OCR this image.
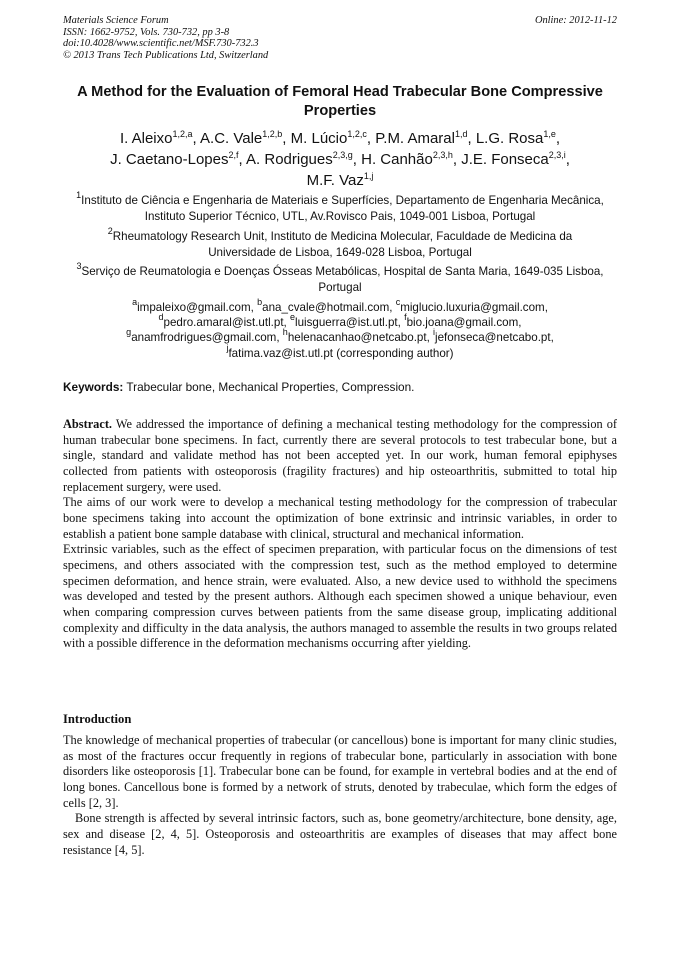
Materials Science Forum
ISSN: 1662-9752, Vols. 730-732, pp 3-8
doi:10.4028/www.scientific.net/MSF.730-732.3
© 2013 Trans Tech Publications Ltd, Switzerland
Online: 2012-11-12
A Method for the Evaluation of Femoral Head Trabecular Bone Compressive Properties
I. Aleixo$^{1,2,a}$, A.C. Vale$^{1,2,b}$, M. Lúcio$^{1,2,c}$, P.M. Amaral$^{1,d}$, L.G. Rosa$^{1,e}$,
J. Caetano-Lopes$^{2,f}$, A. Rodrigues$^{2,3,g}$, H. Canhão$^{2,3,h}$, J.E. Fonseca$^{2,3,i}$,
M.F. Vaz$^{1,j}$
$^1$Instituto de Ciência e Engenharia de Materiais e Superfícies, Departamento de Engenharia Mecânica, Instituto Superior Técnico, UTL, Av.Rovisco Pais, 1049-001 Lisboa, Portugal
$^2$Rheumatology Research Unit, Instituto de Medicina Molecular, Faculdade de Medicina da Universidade de Lisboa, 1649-028 Lisboa, Portugal
$^3$Serviço de Reumatologia e Doenças Ósseas Metabólicas, Hospital de Santa Maria, 1649-035 Lisboa, Portugal
$^a$impaleixo@gmail.com, $^b$ana_cvale@hotmail.com, $^c$miglucio.luxuria@gmail.com,
$^d$pedro.amaral@ist.utl.pt, $^e$luisguerra@ist.utl.pt, $^f$bio.joana@gmail.com,
$^g$anamfrodrigues@gmail.com, $^h$helenacanhao@netcabo.pt, $^i$jefonseca@netcabo.pt,
$^j$fatima.vaz@ist.utl.pt (corresponding author)
Keywords: Trabecular bone, Mechanical Properties, Compression.

Abstract. We addressed the importance of defining a mechanical testing methodology for the compression of human trabecular bone specimens. In fact, currently there are several protocols to test trabecular bone, but a single, standard and validate method has not been accepted yet. In our work, human femoral epiphyses collected from patients with osteoporosis (fragility fractures) and hip osteoarthritis, submitted to total hip replacement surgery, were used.

The aims of our work were to develop a mechanical testing methodology for the compression of trabecular bone specimens taking into account the optimization of bone extrinsic and intrinsic variables, in order to establish a patient bone sample database with clinical, structural and mechanical information.

Extrinsic variables, such as the effect of specimen preparation, with particular focus on the dimensions of test specimens, and others associated with the compression test, such as the method employed to determine specimen deformation, and hence strain, were evaluated. Also, a new device used to withhold the specimens was developed and tested by the present authors. Although each specimen showed a unique behaviour, even when comparing compression curves between patients from the same disease group, implicating additional complexity and difficulty in the data analysis, the authors managed to assemble the results in two groups related with a possible difference in the deformation mechanisms occurring after yielding.

Introduction

The knowledge of mechanical properties of trabecular (or cancellous) bone is important for many clinic studies, as most of the fractures occur frequently in regions of trabecular bone, particularly in association with bone disorders like osteoporosis [1]. Trabecular bone can be found, for example in vertebral bodies and at the end of long bones. Cancellous bone is formed by a network of struts, denoted by trabeculae, which form the edges of cells [2, 3].

Bone strength is affected by several intrinsic factors, such as, bone geometry/architecture, bone density, age, sex and disease [2, 4, 5]. Osteoporosis and osteoarthritis are examples of diseases that may affect bone resistance [4, 5].
